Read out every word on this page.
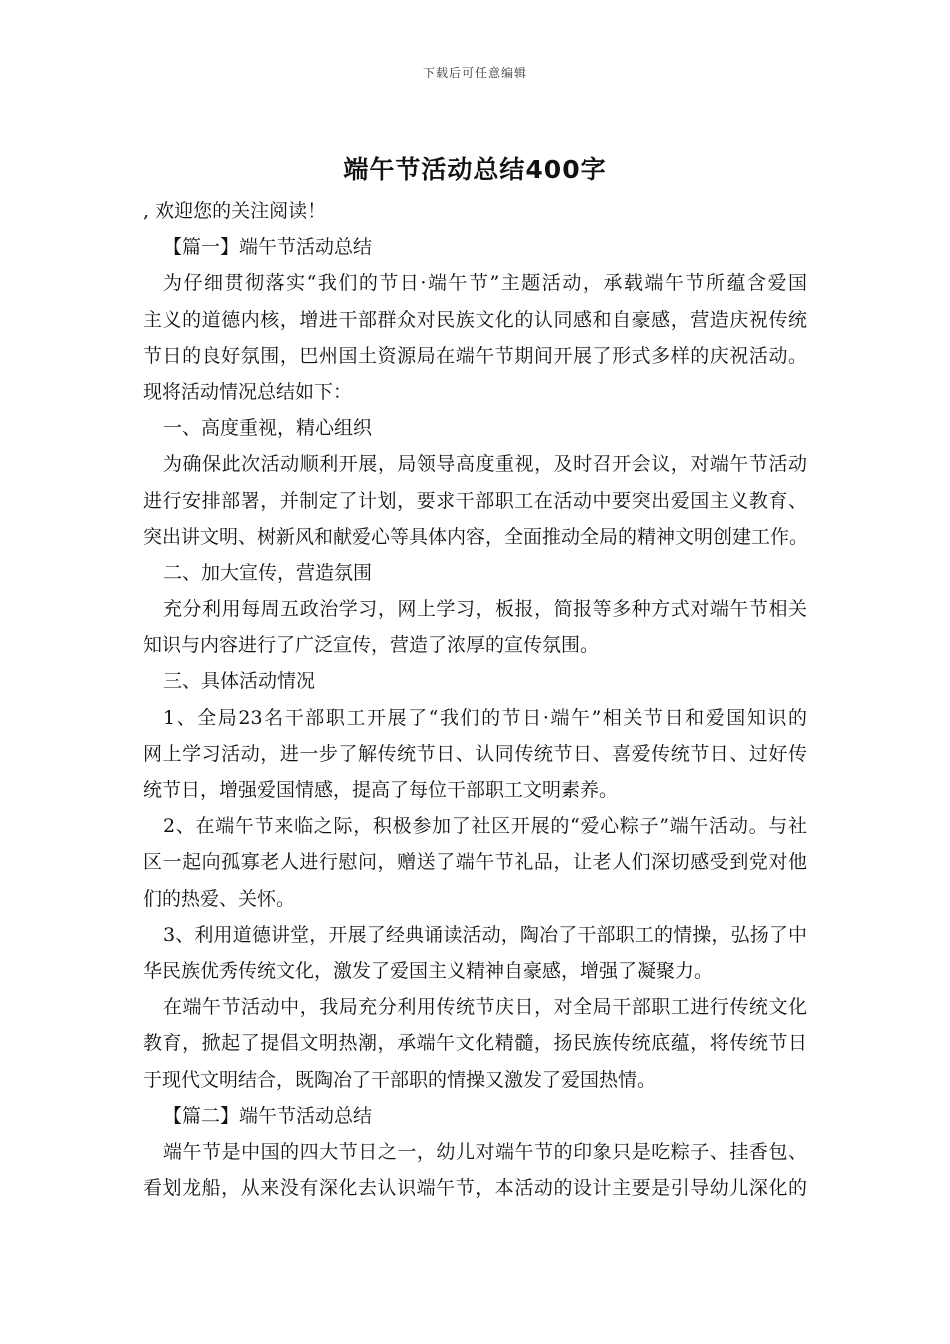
下载后可任意编辑
端午节活动总结400字
, 欢迎您的关注阅读！
【篇一】端午节活动总结
为仔细贯彻落实“我们的节日·端午节”主题活动，承载端午节所蕴含爱国
主义的道德内核，增进干部群众对民族文化的认同感和自豪感，营造庆祝传统
节日的良好氛围，巴州国土资源局在端午节期间开展了形式多样的庆祝活动。
现将活动情况总结如下：
一、高度重视，精心组织
为确保此次活动顺利开展，局领导高度重视，及时召开会议，对端午节活动
进行安排部署，并制定了计划，要求干部职工在活动中要突出爱国主义教育、
突出讲文明、树新风和献爱心等具体内容，全面推动全局的精神文明创建工作。
二、加大宣传，营造氛围
充分利用每周五政治学习，网上学习，板报，简报等多种方式对端午节相关
知识与内容进行了广泛宣传，营造了浓厚的宣传氛围。
三、具体活动情况
1、全局23名干部职工开展了“我们的节日·端午”相关节日和爱国知识的
网上学习活动，进一步了解传统节日、认同传统节日、喜爱传统节日、过好传
统节日，增强爱国情感，提高了每位干部职工文明素养。
2、在端午节来临之际，积极参加了社区开展的“爱心粽子”端午活动。与社
区一起向孤寡老人进行慰问，赠送了端午节礼品，让老人们深切感受到党对他
们的热爱、关怀。
3、利用道德讲堂，开展了经典诵读活动，陶冶了干部职工的情操，弘扬了中
华民族优秀传统文化，激发了爱国主义精神自豪感，增强了凝聚力。
在端午节活动中，我局充分利用传统节庆日，对全局干部职工进行传统文化
教育，掀起了提倡文明热潮，承端午文化精髓，扬民族传统底蕴，将传统节日
于现代文明结合，既陶冶了干部职的情操又激发了爱国热情。
【篇二】端午节活动总结
端午节是中国的四大节日之一，幼儿对端午节的印象只是吃粽子、挂香包、
看划龙船，从来没有深化去认识端午节，本活动的设计主要是引导幼儿深化的
